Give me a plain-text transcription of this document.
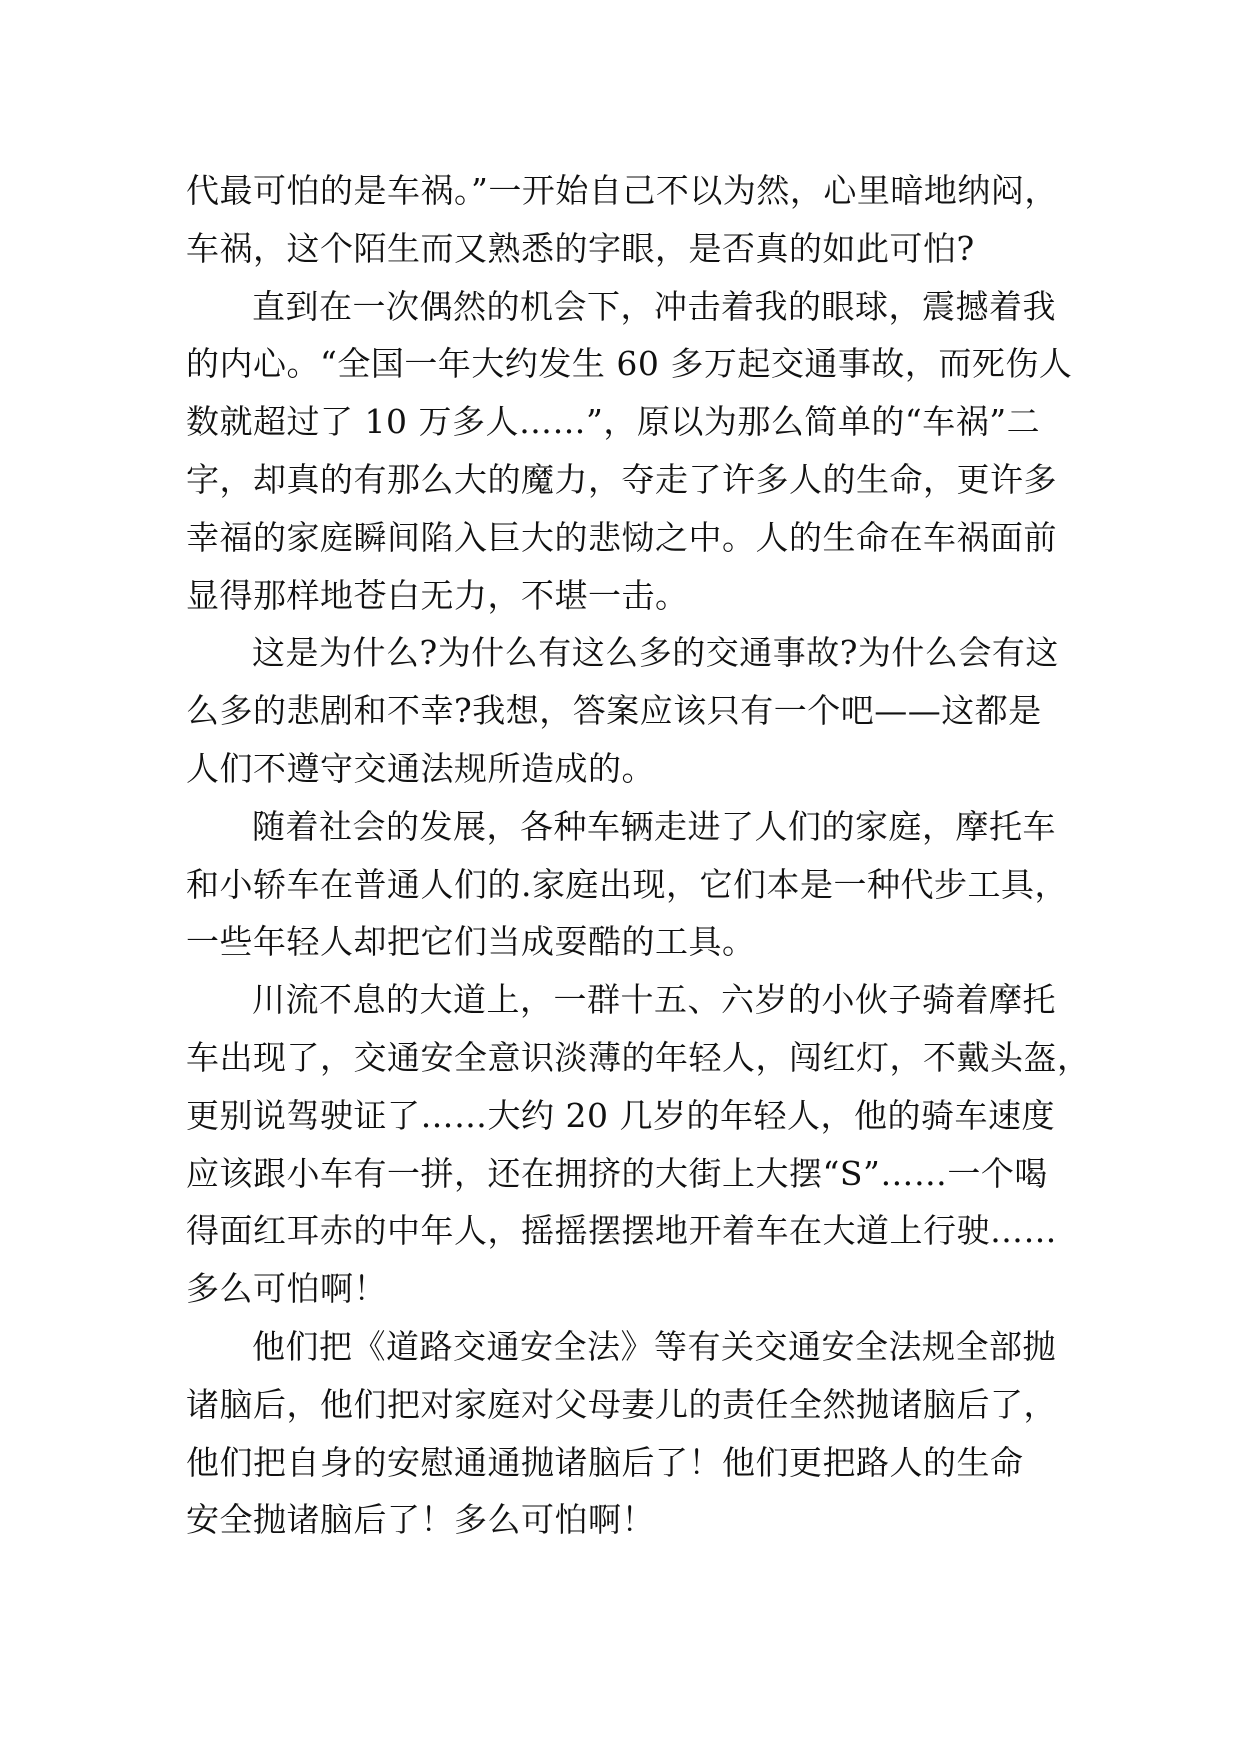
代最可怕的是车祸。”一开始自己不以为然，心里暗地纳闷，
车祸，这个陌生而又熟悉的字眼，是否真的如此可怕?
直到在一次偶然的机会下，冲击着我的眼球，震撼着我
的内心。“全国一年大约发生 60 多万起交通事故，而死伤人
数就超过了 10 万多人……”，原以为那么简单的“车祸”二
字，却真的有那么大的魔力，夺走了许多人的生命，更许多
幸福的家庭瞬间陷入巨大的悲恸之中。人的生命在车祸面前
显得那样地苍白无力，不堪一击。
这是为什么?为什么有这么多的交通事故?为什么会有这
么多的悲剧和不幸?我想，答案应该只有一个吧——这都是
人们不遵守交通法规所造成的。
随着社会的发展，各种车辆走进了人们的家庭，摩托车
和小轿车在普通人们的.家庭出现，它们本是一种代步工具，
一些年轻人却把它们当成耍酷的工具。
川流不息的大道上，一群十五、六岁的小伙子骑着摩托
车出现了，交通安全意识淡薄的年轻人，闯红灯，不戴头盔，
更别说驾驶证了……大约 20 几岁的年轻人，他的骑车速度
应该跟小车有一拼，还在拥挤的大街上大摆“S”……一个喝
得面红耳赤的中年人，摇摇摆摆地开着车在大道上行驶……
多么可怕啊！
他们把《道路交通安全法》等有关交通安全法规全部抛
诸脑后，他们把对家庭对父母妻儿的责任全然抛诸脑后了，
他们把自身的安慰通通抛诸脑后了！他们更把路人的生命
安全抛诸脑后了！多么可怕啊！
